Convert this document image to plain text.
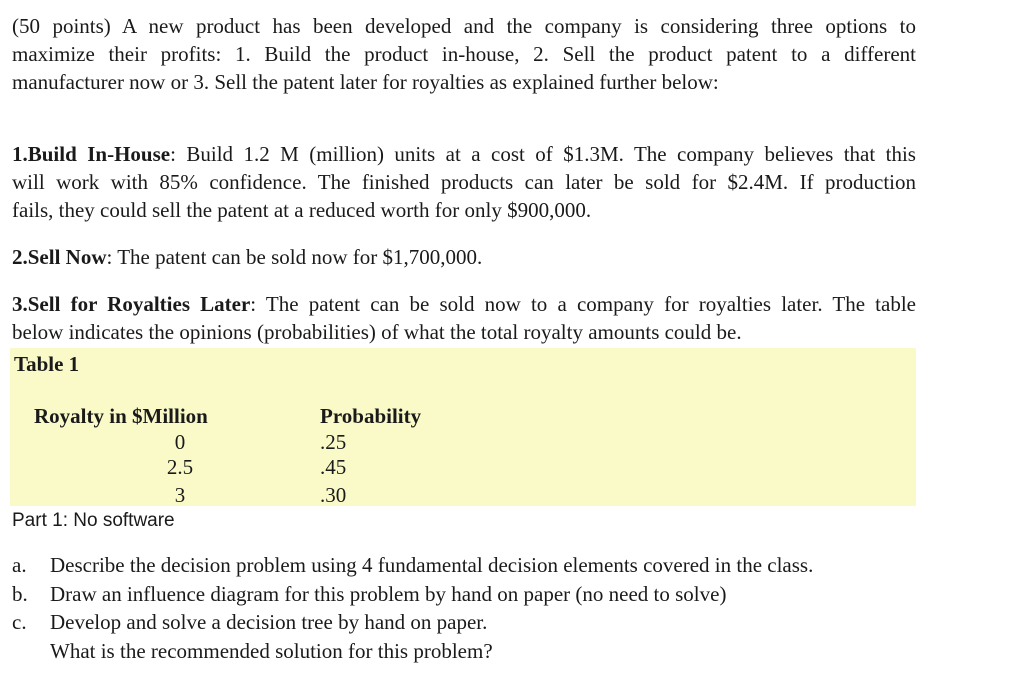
(50 points) A new product has been developed and the company is considering three options to
maximize their profits: 1. Build the product in-house, 2. Sell the product patent to a different
manufacturer now or 3. Sell the patent later for royalties as explained further below:

1.Build In-House: Build 1.2 M (million) units at a cost of $1.3M. The company believes that this
will work with 85% confidence. The finished products can later be sold for $2.4M. If production
fails, they could sell the patent at a reduced worth for only $900,000.

2.Sell Now: The patent can be sold now for $1,700,000.

3.Sell for Royalties Later: The patent can be sold now to a company for royalties later. The table
below indicates the opinions (probabilities) of what the total royalty amounts could be.

Table 1
Royalty in $Million	Probability
0	.25
2.5	.45
3	.30
Part 1: No software
a.	Describe the decision problem using 4 fundamental decision elements covered in the class.
b.	Draw an influence diagram for this problem by hand on paper (no need to solve)
c.	Develop and solve a decision tree by hand on paper.
What is the recommended solution for this problem?
